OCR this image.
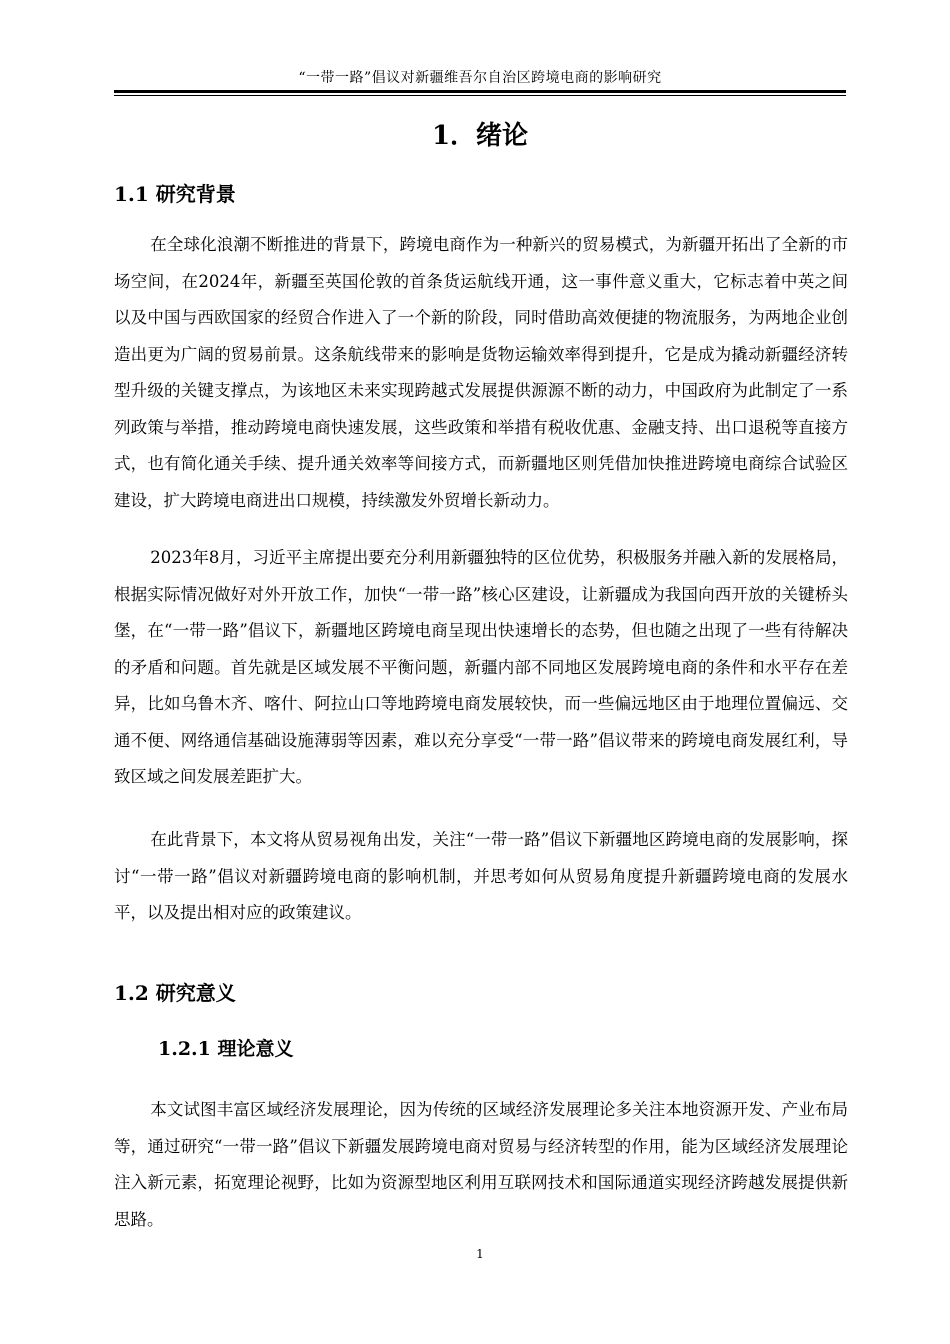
“一带一路”倡议对新疆维吾尔自治区跨境电商的影响研究
1．绪论
1.1 研究背景

在全球化浪潮不断推进的背景下，跨境电商作为一种新兴的贸易模式，为新疆开拓出了全新的市场空间，在2024年，新疆至英国伦敦的首条货运航线开通，这一事件意义重大，它标志着中英之间以及中国与西欧国家的经贸合作进入了一个新的阶段，同时借助高效便捷的物流服务，为两地企业创造出更为广阔的贸易前景。这条航线带来的影响是货物运输效率得到提升，它是成为撬动新疆经济转型升级的关键支撑点，为该地区未来实现跨越式发展提供源源不断的动力，中国政府为此制定了一系列政策与举措，推动跨境电商快速发展，这些政策和举措有税收优惠、金融支持、出口退税等直接方式，也有简化通关手续、提升通关效率等间接方式，而新疆地区则凭借加快推进跨境电商综合试验区建设，扩大跨境电商进出口规模，持续激发外贸增长新动力。

2023年8月，习近平主席提出要充分利用新疆独特的区位优势，积极服务并融入新的发展格局，根据实际情况做好对外开放工作，加快“一带一路”核心区建设，让新疆成为我国向西开放的关键桥头堡，在“一带一路”倡议下，新疆地区跨境电商呈现出快速增长的态势，但也随之出现了一些有待解决的矛盾和问题。首先就是区域发展不平衡问题，新疆内部不同地区发展跨境电商的条件和水平存在差异，比如乌鲁木齐、喀什、阿拉山口等地跨境电商发展较快，而一些偏远地区由于地理位置偏远、交通不便、网络通信基础设施薄弱等因素，难以充分享受“一带一路”倡议带来的跨境电商发展红利，导致区域之间发展差距扩大。

在此背景下，本文将从贸易视角出发，关注“一带一路”倡议下新疆地区跨境电商的发展影响，探讨“一带一路”倡议对新疆跨境电商的影响机制，并思考如何从贸易角度提升新疆跨境电商的发展水平，以及提出相对应的政策建议。

1.2 研究意义
1.2.1 理论意义

本文试图丰富区域经济发展理论，因为传统的区域经济发展理论多关注本地资源开发、产业布局等，通过研究“一带一路”倡议下新疆发展跨境电商对贸易与经济转型的作用，能为区域经济发展理论注入新元素，拓宽理论视野，比如为资源型地区利用互联网技术和国际通道实现经济跨越发展提供新思路。

1
